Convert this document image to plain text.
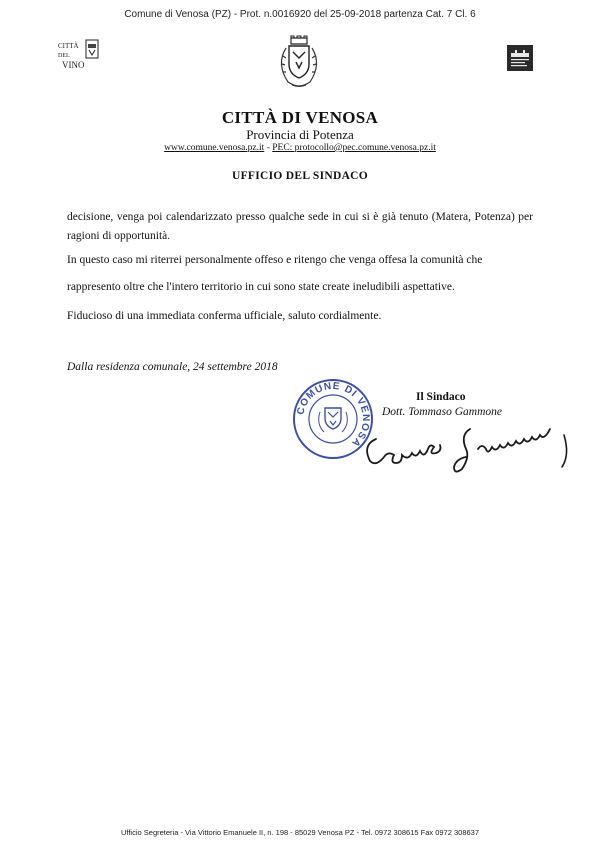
Comune di Venosa (PZ) - Prot. n.0016920 del 25-09-2018 partenza Cat. 7 Cl. 6
CITTÀ
DEL
VINO
CITTÀ DI VENOSA
Provincia di Potenza
www.comune.venosa.pz.it - PEC: protocollo@pec.comune.venosa.pz.it
UFFICIO DEL SINDACO
decisione, venga poi calendarizzato presso qualche sede in cui si è già tenuto (Matera, Potenza) per ragioni di opportunità.
In questo caso mi riterrei personalmente offeso e ritengo che venga offesa la comunità che
rappresento oltre che l'intero territorio in cui sono state create ineludibili aspettative.
Fiducioso di una immediata conferma ufficiale, saluto cordialmente.
Dalla residenza comunale, 24 settembre 2018
COMUNE DI VENOSA
Il Sindaco
Dott. Tommaso Gammone
Ufficio Segreteria - Via Vittorio Emanuele II, n. 198 - 85029 Venosa PZ - Tel. 0972 308615 Fax 0972 308637
